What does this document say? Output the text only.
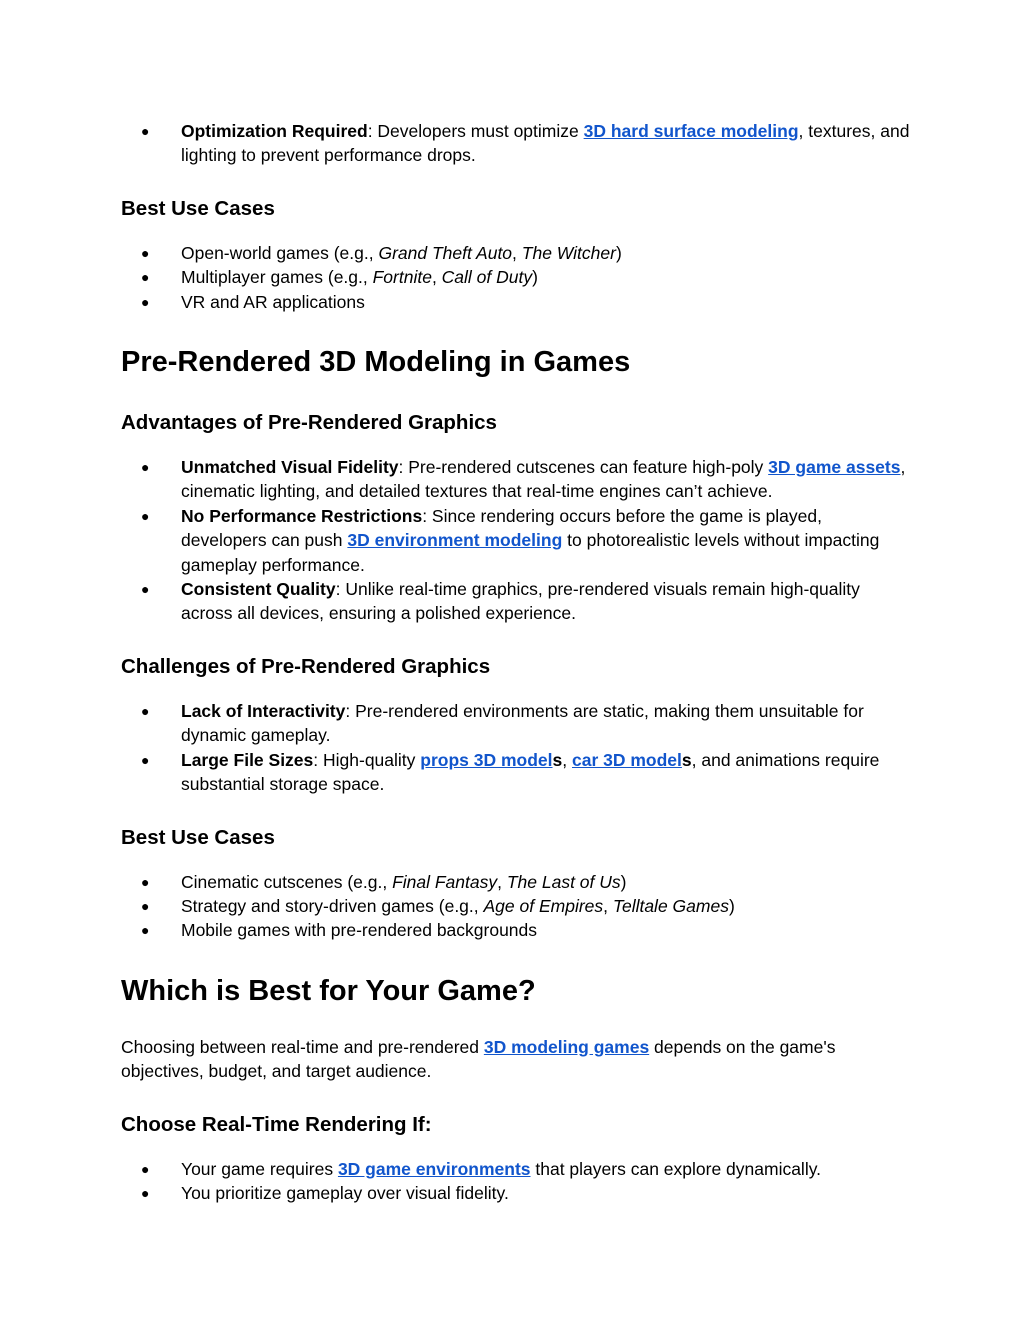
● Optimization Required: Developers must optimize 3D hard surface modeling, textures, and lighting to prevent performance drops.
Best Use Cases
● Open-world games (e.g., Grand Theft Auto, The Witcher)
● Multiplayer games (e.g., Fortnite, Call of Duty)
● VR and AR applications
Pre-Rendered 3D Modeling in Games
Advantages of Pre-Rendered Graphics
● Unmatched Visual Fidelity: Pre-rendered cutscenes can feature high-poly 3D game assets, cinematic lighting, and detailed textures that real-time engines can’t achieve.
● No Performance Restrictions: Since rendering occurs before the game is played, developers can push 3D environment modeling to photorealistic levels without impacting gameplay performance.
● Consistent Quality: Unlike real-time graphics, pre-rendered visuals remain high-quality across all devices, ensuring a polished experience.
Challenges of Pre-Rendered Graphics
● Lack of Interactivity: Pre-rendered environments are static, making them unsuitable for dynamic gameplay.
● Large File Sizes: High-quality props 3D models, car 3D models, and animations require substantial storage space.
Best Use Cases
● Cinematic cutscenes (e.g., Final Fantasy, The Last of Us)
● Strategy and story-driven games (e.g., Age of Empires, Telltale Games)
● Mobile games with pre-rendered backgrounds
Which is Best for Your Game?

Choosing between real-time and pre-rendered 3D modeling games depends on the game's objectives, budget, and target audience.

Choose Real-Time Rendering If:
● Your game requires 3D game environments that players can explore dynamically.
● You prioritize gameplay over visual fidelity.
